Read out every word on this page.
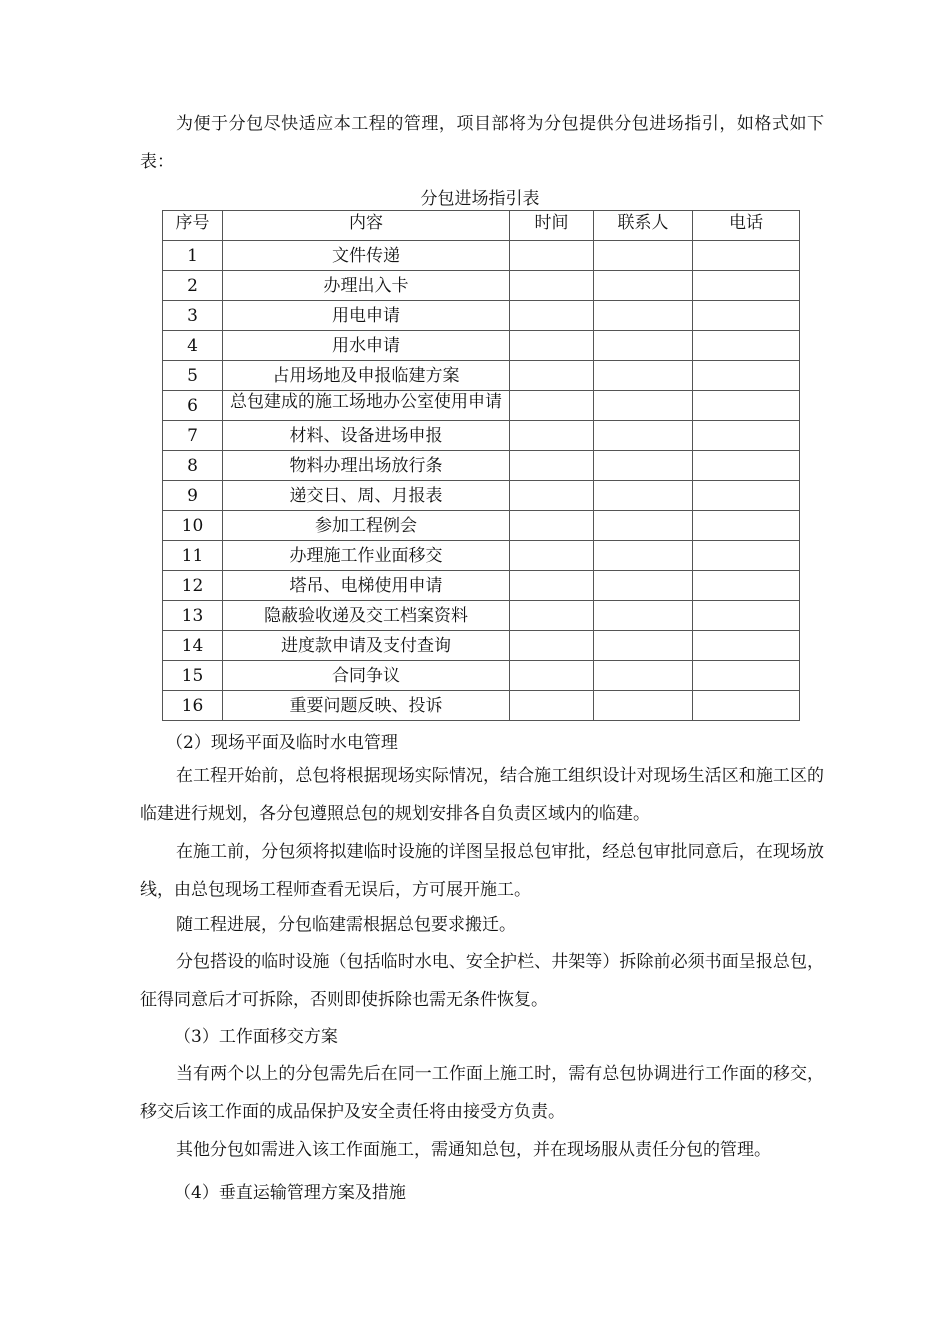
为便于分包尽快适应本工程的管理，项目部将为分包提供分包进场指引，如格式如下表：

分包进场指引表

序号	内容	时间	联系人	电话
1	文件传递			
2	办理出入卡			
3	用电申请			
4	用水申请			
5	占用场地及申报临建方案			
6	总包建成的施工场地办公室使用申请			

7	材料、设备进场申报			
8	物料办理出场放行条			
9	递交日、周、月报表			
10	参加工程例会			
11	办理施工作业面移交			
12	塔吊、电梯使用申请			
13	隐蔽验收递及交工档案资料			
14	进度款申请及支付查询			
15	合同争议			
16	重要问题反映、投诉			

（2）现场平面及临时水电管理

在工程开始前，总包将根据现场实际情况，结合施工组织设计对现场生活区和施工区的临建进行规划，各分包遵照总包的规划安排各自负责区域内的临建。

在施工前，分包须将拟建临时设施的详图呈报总包审批，经总包审批同意后，在现场放线，由总包现场工程师查看无误后，方可展开施工。

随工程进展，分包临建需根据总包要求搬迁。

分包搭设的临时设施（包括临时水电、安全护栏、井架等）拆除前必须书面呈报总包，征得同意后才可拆除，否则即使拆除也需无条件恢复。

（3）工作面移交方案

当有两个以上的分包需先后在同一工作面上施工时，需有总包协调进行工作面的移交，移交后该工作面的成品保护及安全责任将由接受方负责。

其他分包如需进入该工作面施工，需通知总包，并在现场服从责任分包的管理。

（4）垂直运输管理方案及措施
